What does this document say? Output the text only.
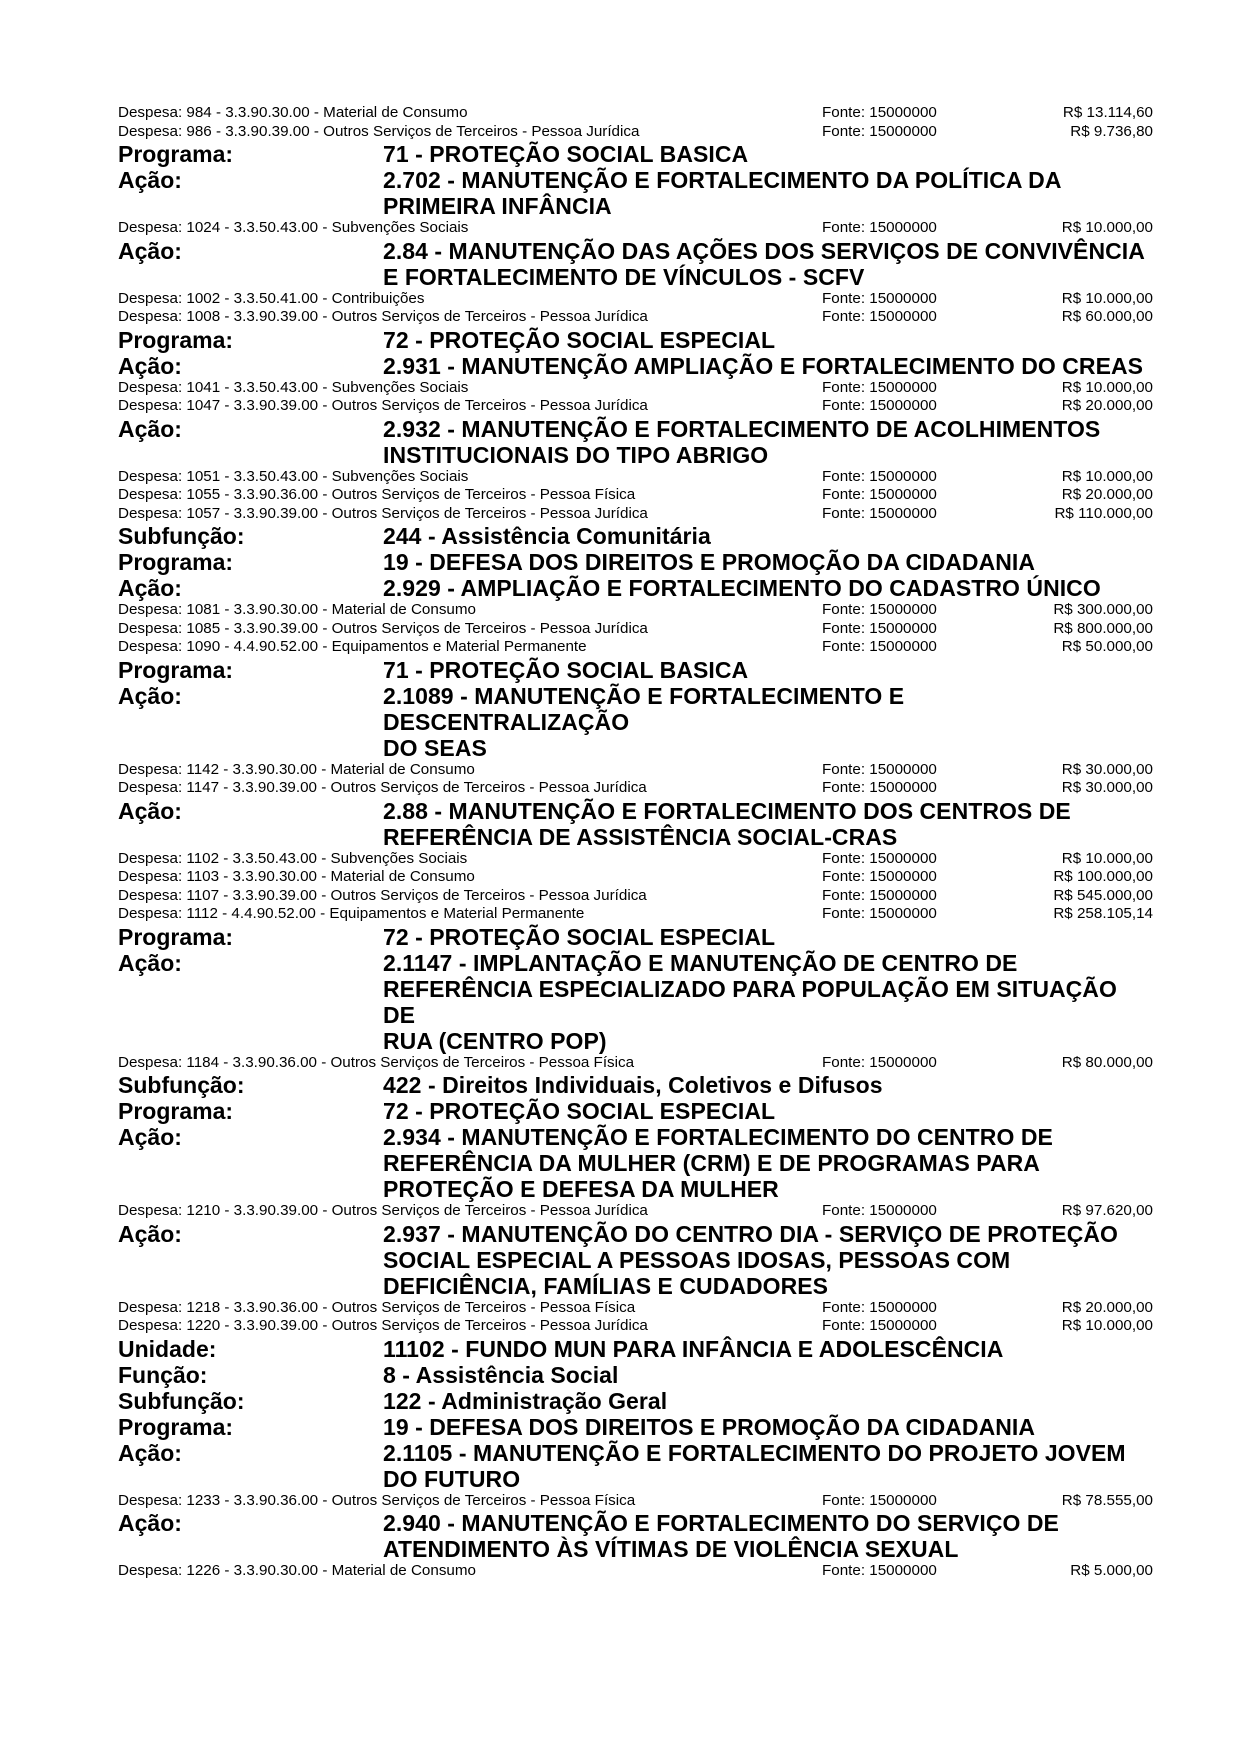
Despesa: 984 - 3.3.90.30.00 - Material de Consumo	Fonte: 15000000	R$ 13.114,60
Despesa: 986 - 3.3.90.39.00 - Outros Serviços de Terceiros - Pessoa Jurídica	Fonte: 15000000	R$ 9.736,80
Programa:	71 - PROTEÇÃO SOCIAL BASICA
Ação:	2.702 - MANUTENÇÃO E FORTALECIMENTO DA POLÍTICA DA
PRIMEIRA INFÂNCIA
Despesa: 1024 - 3.3.50.43.00 - Subvenções Sociais	Fonte: 15000000	R$ 10.000,00
Ação:	2.84 - MANUTENÇÃO DAS AÇÕES DOS SERVIÇOS DE CONVIVÊNCIA
E FORTALECIMENTO DE VÍNCULOS - SCFV
Despesa: 1002 - 3.3.50.41.00 - Contribuições	Fonte: 15000000	R$ 10.000,00
Despesa: 1008 - 3.3.90.39.00 - Outros Serviços de Terceiros - Pessoa Jurídica	Fonte: 15000000	R$ 60.000,00
Programa:	72 - PROTEÇÃO SOCIAL ESPECIAL
Ação:	2.931 - MANUTENÇÃO AMPLIAÇÃO E FORTALECIMENTO DO CREAS
Despesa: 1041 - 3.3.50.43.00 - Subvenções Sociais	Fonte: 15000000	R$ 10.000,00
Despesa: 1047 - 3.3.90.39.00 - Outros Serviços de Terceiros - Pessoa Jurídica	Fonte: 15000000	R$ 20.000,00
Ação:	2.932 - MANUTENÇÃO E FORTALECIMENTO DE ACOLHIMENTOS
INSTITUCIONAIS DO TIPO ABRIGO
Despesa: 1051 - 3.3.50.43.00 - Subvenções Sociais	Fonte: 15000000	R$ 10.000,00
Despesa: 1055 - 3.3.90.36.00 - Outros Serviços de Terceiros - Pessoa Física	Fonte: 15000000	R$ 20.000,00
Despesa: 1057 - 3.3.90.39.00 - Outros Serviços de Terceiros - Pessoa Jurídica	Fonte: 15000000	R$ 110.000,00
Subfunção:	244 - Assistência Comunitária
Programa:	19 - DEFESA DOS DIREITOS E PROMOÇÃO DA CIDADANIA
Ação:	2.929 - AMPLIAÇÃO E FORTALECIMENTO DO CADASTRO ÚNICO
Despesa: 1081 - 3.3.90.30.00 - Material de Consumo	Fonte: 15000000	R$ 300.000,00
Despesa: 1085 - 3.3.90.39.00 - Outros Serviços de Terceiros - Pessoa Jurídica	Fonte: 15000000	R$ 800.000,00
Despesa: 1090 - 4.4.90.52.00 - Equipamentos e Material Permanente	Fonte: 15000000	R$ 50.000,00
Programa:	71 - PROTEÇÃO SOCIAL BASICA
Ação:	2.1089 - MANUTENÇÃO E FORTALECIMENTO E DESCENTRALIZAÇÃO
DO SEAS
Despesa: 1142 - 3.3.90.30.00 - Material de Consumo	Fonte: 15000000	R$ 30.000,00
Despesa: 1147 - 3.3.90.39.00 - Outros Serviços de Terceiros - Pessoa Jurídica	Fonte: 15000000	R$ 30.000,00
Ação:	2.88 - MANUTENÇÃO E FORTALECIMENTO DOS CENTROS DE
REFERÊNCIA DE ASSISTÊNCIA SOCIAL-CRAS
Despesa: 1102 - 3.3.50.43.00 - Subvenções Sociais	Fonte: 15000000	R$ 10.000,00
Despesa: 1103 - 3.3.90.30.00 - Material de Consumo	Fonte: 15000000	R$ 100.000,00
Despesa: 1107 - 3.3.90.39.00 - Outros Serviços de Terceiros - Pessoa Jurídica	Fonte: 15000000	R$ 545.000,00
Despesa: 1112 - 4.4.90.52.00 - Equipamentos e Material Permanente	Fonte: 15000000	R$ 258.105,14
Programa:	72 - PROTEÇÃO SOCIAL ESPECIAL
Ação:	2.1147 - IMPLANTAÇÃO E MANUTENÇÃO DE CENTRO DE
REFERÊNCIA ESPECIALIZADO PARA POPULAÇÃO EM SITUAÇÃO DE
RUA (CENTRO POP)
Despesa: 1184 - 3.3.90.36.00 - Outros Serviços de Terceiros - Pessoa Física	Fonte: 15000000	R$ 80.000,00
Subfunção:	422 - Direitos Individuais, Coletivos e Difusos
Programa:	72 - PROTEÇÃO SOCIAL ESPECIAL
Ação:	2.934 - MANUTENÇÃO E FORTALECIMENTO DO CENTRO DE
REFERÊNCIA DA MULHER (CRM) E DE PROGRAMAS PARA
PROTEÇÃO E DEFESA DA MULHER
Despesa: 1210 - 3.3.90.39.00 - Outros Serviços de Terceiros - Pessoa Jurídica	Fonte: 15000000	R$ 97.620,00
Ação:	2.937 - MANUTENÇÃO DO CENTRO DIA - SERVIÇO DE PROTEÇÃO
SOCIAL ESPECIAL A PESSOAS IDOSAS, PESSOAS COM
DEFICIÊNCIA, FAMÍLIAS E CUDADORES
Despesa: 1218 - 3.3.90.36.00 - Outros Serviços de Terceiros - Pessoa Física	Fonte: 15000000	R$ 20.000,00
Despesa: 1220 - 3.3.90.39.00 - Outros Serviços de Terceiros - Pessoa Jurídica	Fonte: 15000000	R$ 10.000,00
Unidade:	11102 - FUNDO MUN PARA INFÂNCIA E ADOLESCÊNCIA
Função:	8 - Assistência Social
Subfunção:	122 - Administração Geral
Programa:	19 - DEFESA DOS DIREITOS E PROMOÇÃO DA CIDADANIA
Ação:	2.1105 - MANUTENÇÃO E FORTALECIMENTO DO PROJETO JOVEM
DO FUTURO
Despesa: 1233 - 3.3.90.36.00 - Outros Serviços de Terceiros - Pessoa Física	Fonte: 15000000	R$ 78.555,00
Ação:	2.940 - MANUTENÇÃO E FORTALECIMENTO DO SERVIÇO DE
ATENDIMENTO ÀS VÍTIMAS DE VIOLÊNCIA SEXUAL
Despesa: 1226 - 3.3.90.30.00 - Material de Consumo	Fonte: 15000000	R$ 5.000,00
